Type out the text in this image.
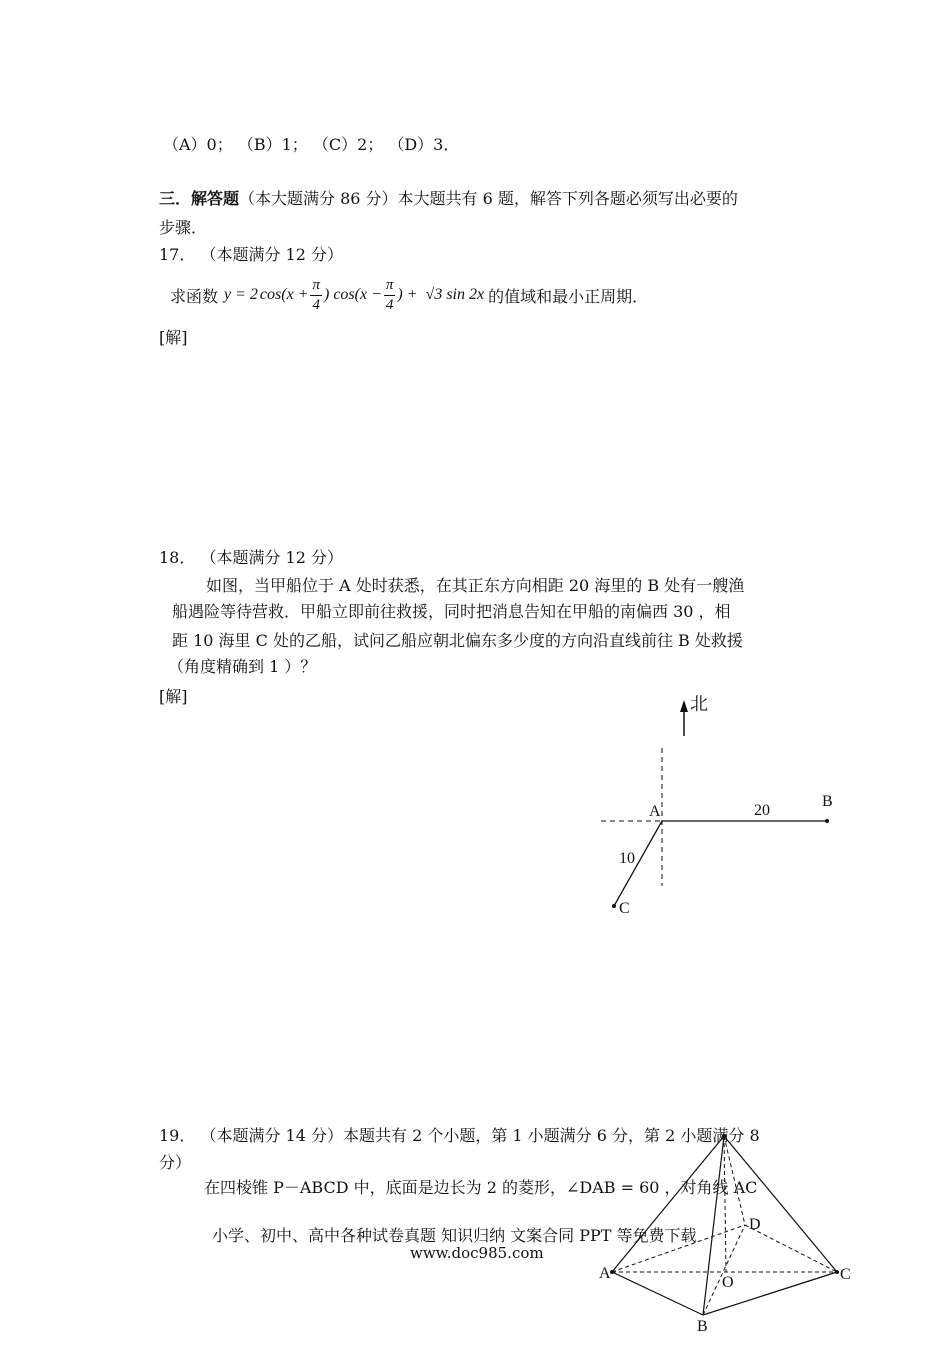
（A）0； （B）1； （C）2； （D）3．
三．解答题（本大题满分 86 分）本大题共有 6 题，解答下列各题必须写出必要的
步骤．
17． （本题满分 12 分）
求函数 y = 2 $\cos(x + \frac{\pi}{4}$ ) $\cos(x - \frac{\pi}{4}$ ) + √3 sin 2x 的值域和最小正周期．
[解]
18． （本题满分 12 分）
如图，当甲船位于 A 处时获悉，在其正东方向相距 20 海里的 B 处有一艘渔
船遇险等待营救．甲船立即前往救援，同时把消息告知在甲船的南偏西 30 ，相
距 10 海里 C 处的乙船，试问乙船应朝北偏东多少度的方向沿直线前往 B 处救援
（角度精确到 1 ）？
[解]	北
A
B
C
20
10
A
B
C
D
O
19． （本题满分 14 分）本题共有 2 个小题，第 1 小题满分 6 分，第 2 小题满分 8
分）
在四棱锥 P－ABCD 中，底面是边长为 2 的菱形，∠DAB = 60 ，对角线 AC
小学、初中、高中各种试卷真题 知识归纳 文案合同 PPT 等免费下载
www.doc985.com
